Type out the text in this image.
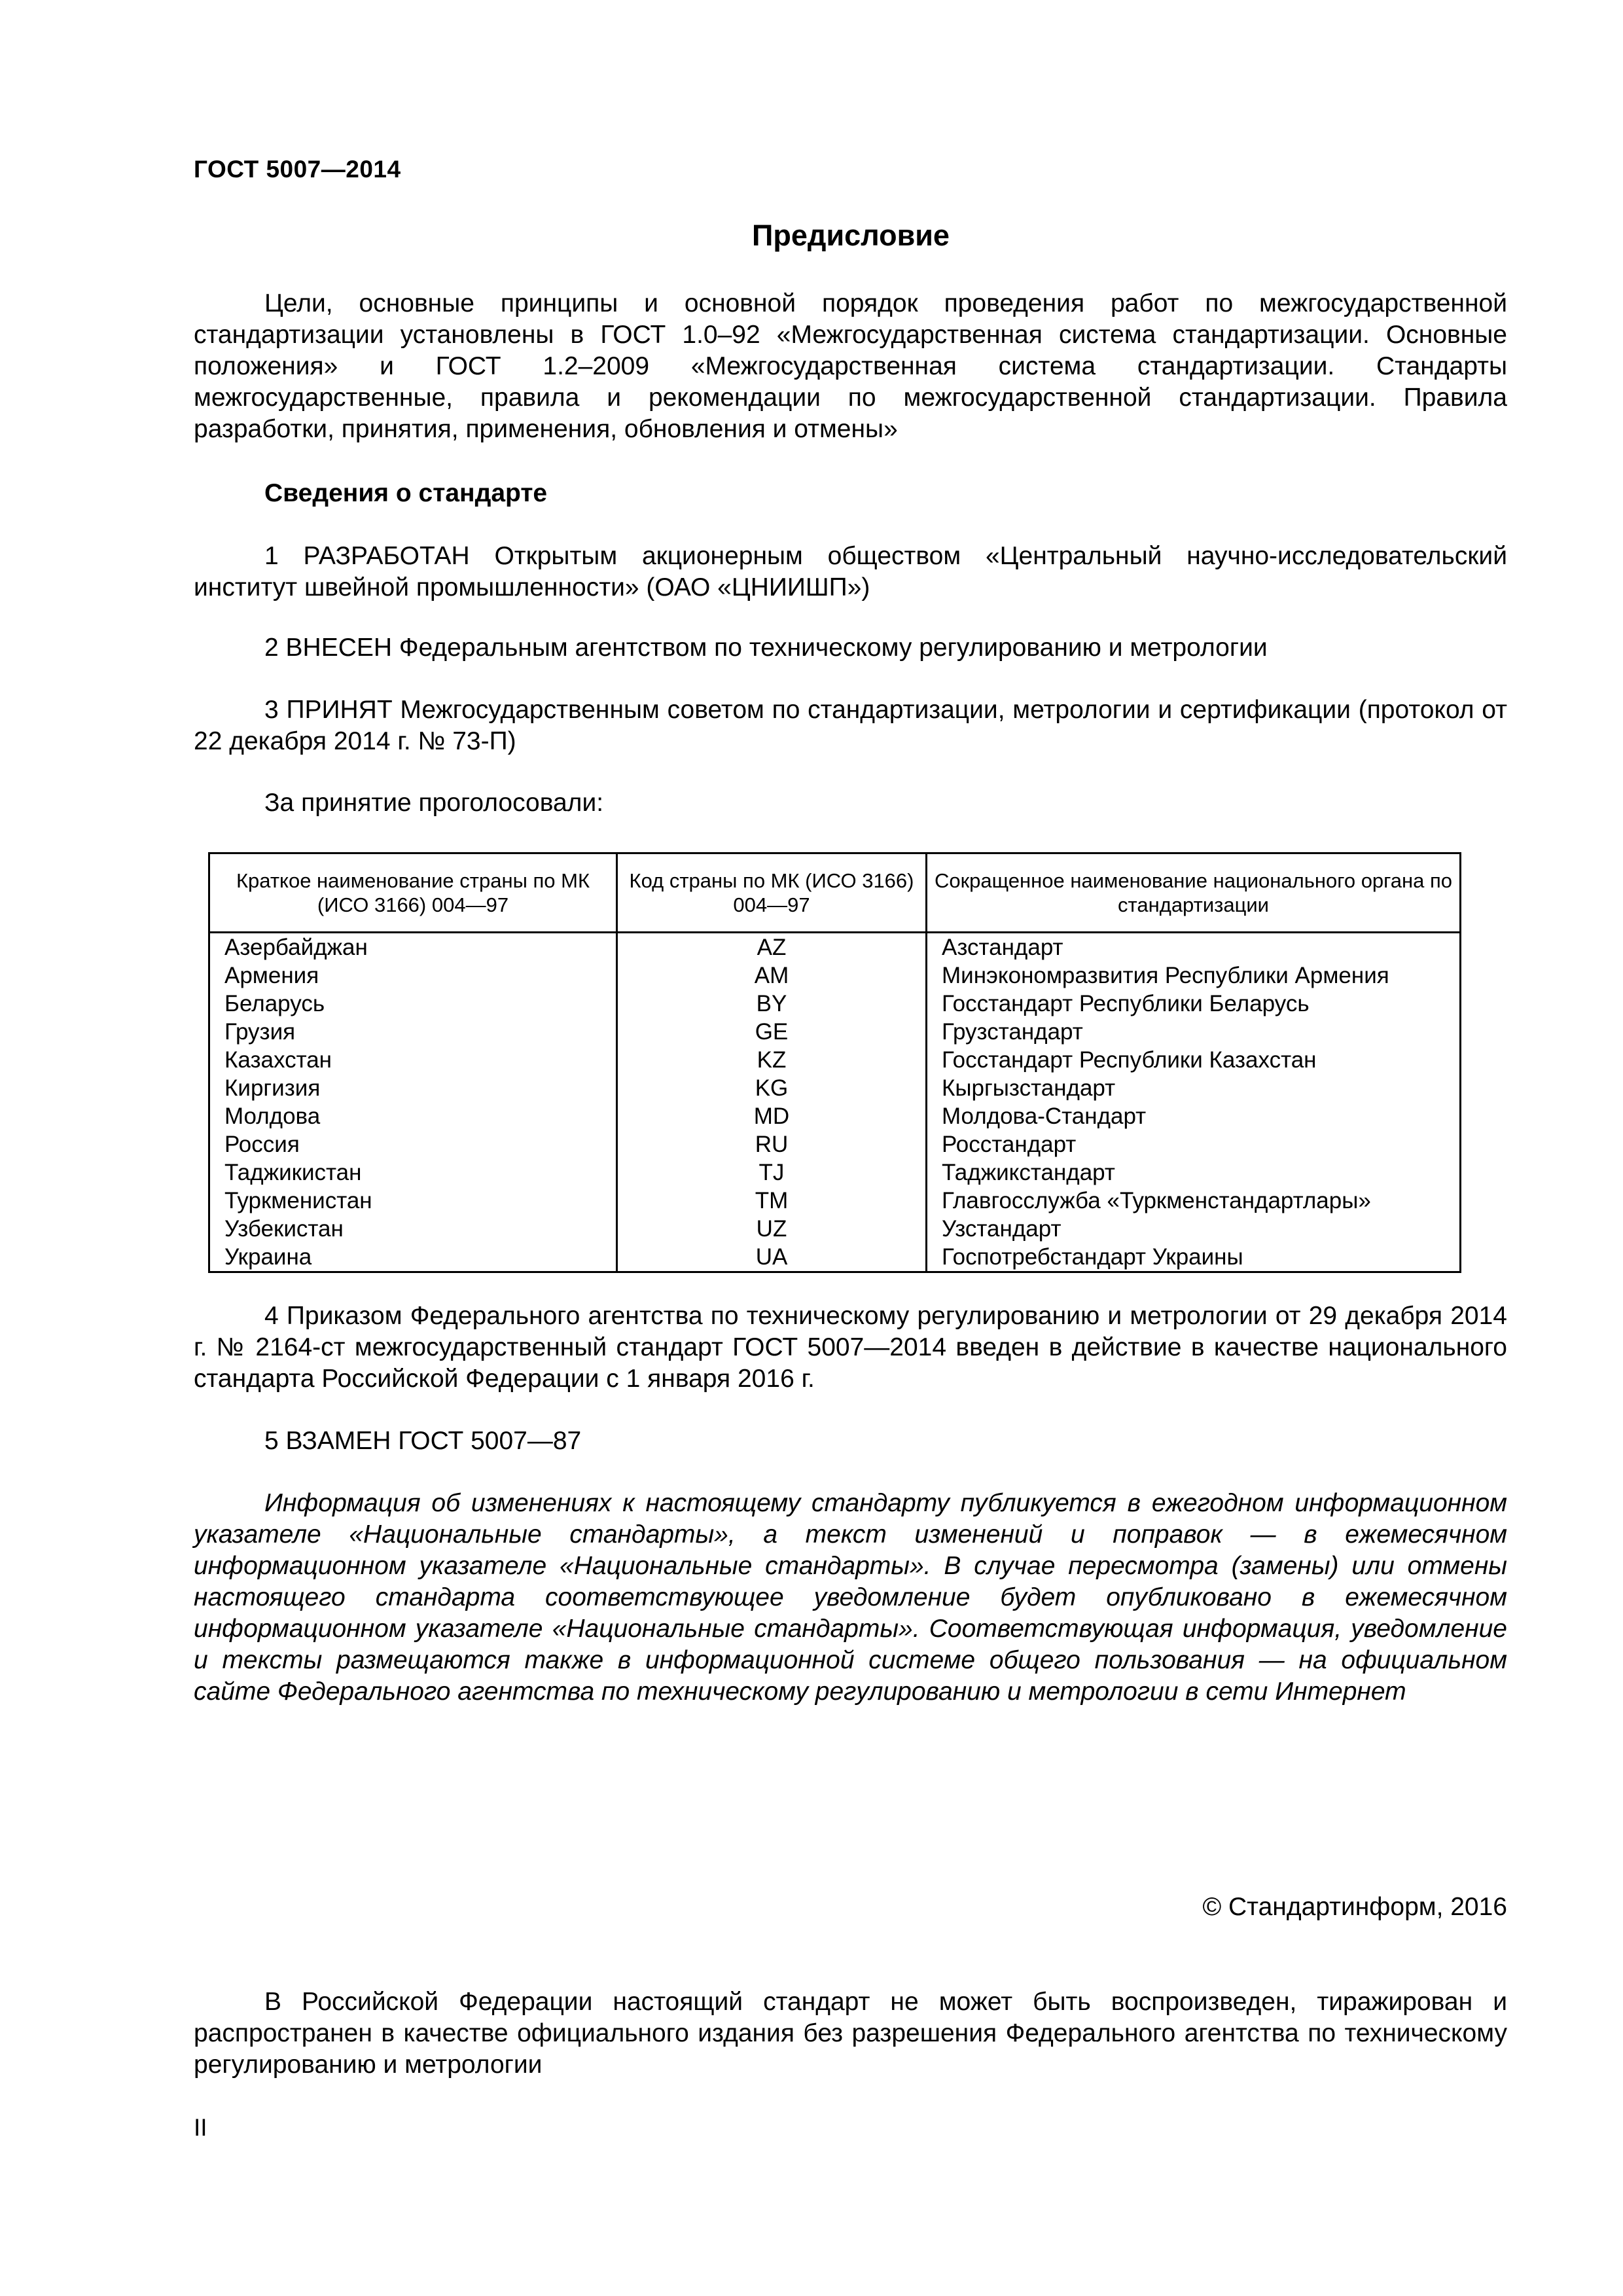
ГОСТ 5007—2014
Предисловие
Цели, основные принципы и основной порядок проведения работ по межгосударственной стандартизации установлены в ГОСТ 1.0–92 «Межгосударственная система стандартизации. Основные положения» и ГОСТ 1.2–2009 «Межгосударственная система стандартизации. Стандарты межгосударственные, правила и рекомендации по межгосударственной стандартизации. Правила разработки, принятия, применения, обновления и отмены»
Сведения о стандарте
1 РАЗРАБОТАН Открытым акционерным обществом «Центральный научно-исследовательский институт швейной промышленности» (ОАО «ЦНИИШП»)
2 ВНЕСЕН Федеральным агентством по техническому регулированию и метрологии
3 ПРИНЯТ Межгосударственным советом по стандартизации, метрологии и сертификации (протокол от 22 декабря 2014 г. № 73-П)
За принятие проголосовали:
Краткое наименование страны по МК (ИСО 3166) 004—97	Код страны по МК (ИСО 3166) 004—97	Сокращенное наименование национального органа по стандартизации
Азербайджан	AZ	Азстандарт
Армения	AM	Минэкономразвития Республики Армения
Беларусь	BY	Госстандарт Республики Беларусь
Грузия	GE	Грузстандарт
Казахстан	KZ	Госстандарт Республики Казахстан
Киргизия	KG	Кыргызстандарт
Молдова	MD	Молдова-Стандарт
Россия	RU	Росстандарт
Таджикистан	TJ	Таджикстандарт
Туркменистан	TM	Главгосслужба «Туркменстандартлары»
Узбекистан	UZ	Узстандарт
Украина	UA	Госпотребстандарт Украины
4 Приказом Федерального агентства по техническому регулированию и метрологии от 29 декабря 2014 г. № 2164-ст межгосударственный стандарт ГОСТ 5007—2014 введен в действие в качестве национального стандарта Российской Федерации с 1 января 2016 г.
5 ВЗАМЕН ГОСТ 5007—87
Информация об изменениях к настоящему стандарту публикуется в ежегодном информационном указателе «Национальные стандарты», а текст изменений и поправок — в ежемесячном информационном указателе «Национальные стандарты». В случае пересмотра (замены) или отмены настоящего стандарта соответствующее уведомление будет опубликовано в ежемесячном информационном указателе «Национальные стандарты». Соответствующая информация, уведомление и тексты размещаются также в информационной системе общего пользования — на официальном сайте Федерального агентства по техническому регулированию и метрологии в сети Интернет
© Стандартинформ, 2016
В Российской Федерации настоящий стандарт не может быть воспроизведен, тиражирован и распространен в качестве официального издания без разрешения Федерального агентства по техническому регулированию и метрологии
II
